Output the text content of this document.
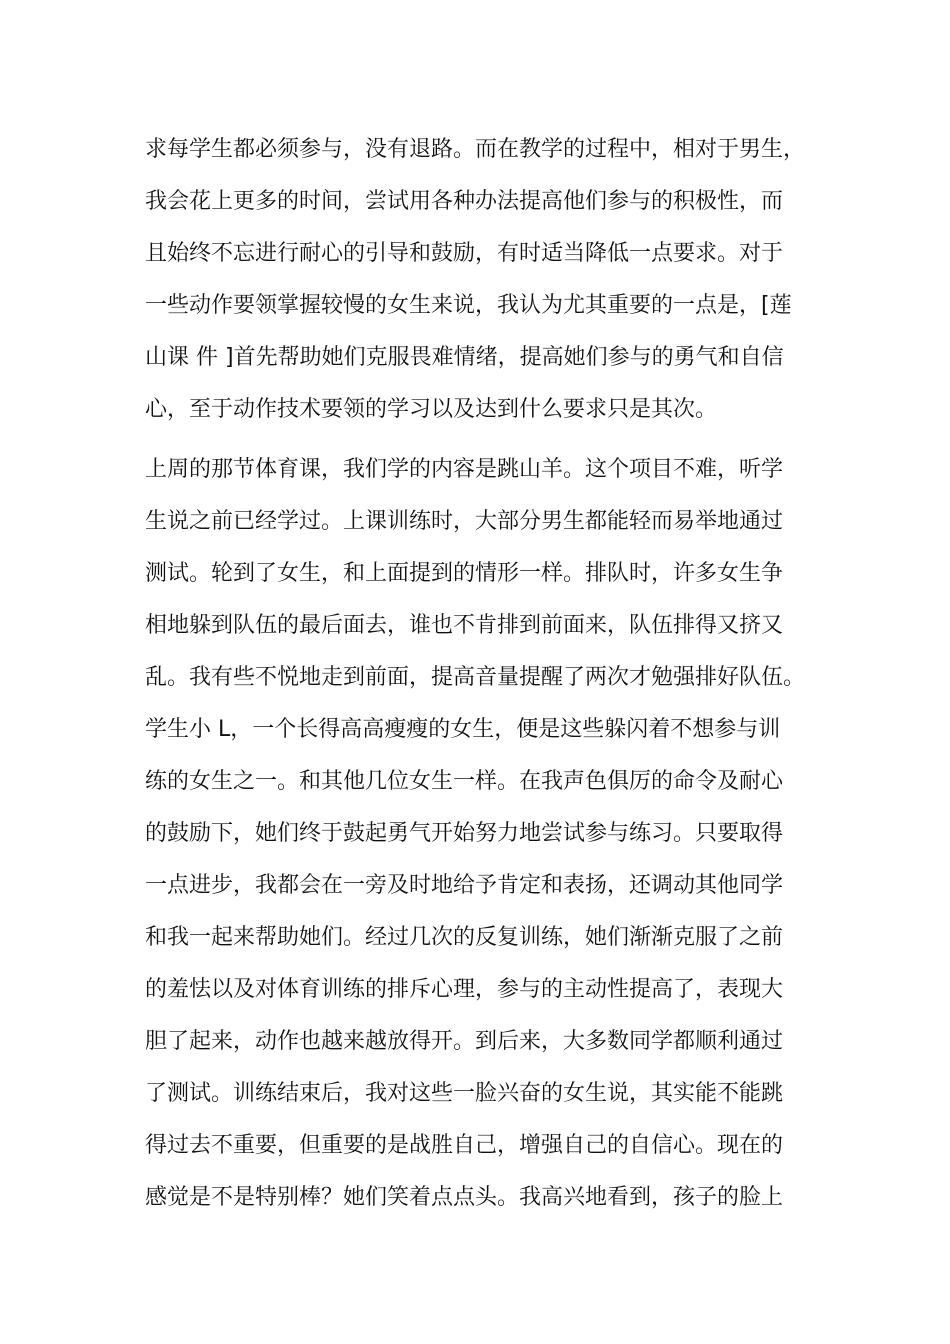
求每学生都必须参与，没有退路。而在教学的过程中，相对于男生，
我会花上更多的时间，尝试用各种办法提高他们参与的积极性，而
且始终不忘进行耐心的引导和鼓励，有时适当降低一点要求。对于
一些动作要领掌握较慢的女生来说，我认为尤其重要的一点是，[莲
山课 件 ]首先帮助她们克服畏难情绪，提高她们参与的勇气和自信
心，至于动作技术要领的学习以及达到什么要求只是其次。
上周的那节体育课，我们学的内容是跳山羊。这个项目不难，听学
生说之前已经学过。上课训练时，大部分男生都能轻而易举地通过
测试。轮到了女生，和上面提到的情形一样。排队时，许多女生争
相地躲到队伍的最后面去，谁也不肯排到前面来，队伍排得又挤又
乱。我有些不悦地走到前面，提高音量提醒了两次才勉强排好队伍。
学生小 L，一个长得高高瘦瘦的女生，便是这些躲闪着不想参与训
练的女生之一。和其他几位女生一样。在我声色俱厉的命令及耐心
的鼓励下，她们终于鼓起勇气开始努力地尝试参与练习。只要取得
一点进步，我都会在一旁及时地给予肯定和表扬，还调动其他同学
和我一起来帮助她们。经过几次的反复训练，她们渐渐克服了之前
的羞怯以及对体育训练的排斥心理，参与的主动性提高了，表现大
胆了起来，动作也越来越放得开。到后来，大多数同学都顺利通过
了测试。训练结束后，我对这些一脸兴奋的女生说，其实能不能跳
得过去不重要，但重要的是战胜自己，增强自己的自信心。现在的
感觉是不是特别棒？她们笑着点点头。我高兴地看到，孩子的脸上
